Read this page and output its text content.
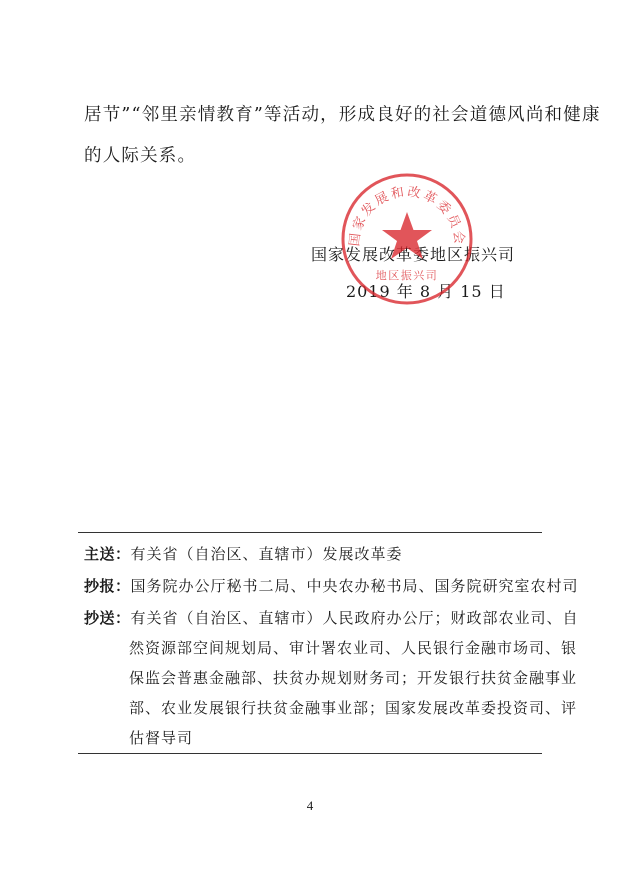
居节”“邻里亲情教育”等活动，形成良好的社会道德风尚和健康
的人际关系。
国家发展改革委地区振兴司
2019 年 8 月 15 日
国家发展和改革委员会
地区振兴司
主送：有关省（自治区、直辖市）发展改革委
抄报：国务院办公厅秘书二局、中央农办秘书局、国务院研究室农村司
抄送：有关省（自治区、直辖市）人民政府办公厅；财政部农业司、自
然资源部空间规划局、审计署农业司、人民银行金融市场司、银
保监会普惠金融部、扶贫办规划财务司；开发银行扶贫金融事业
部、农业发展银行扶贫金融事业部；国家发展改革委投资司、评
估督导司
4
